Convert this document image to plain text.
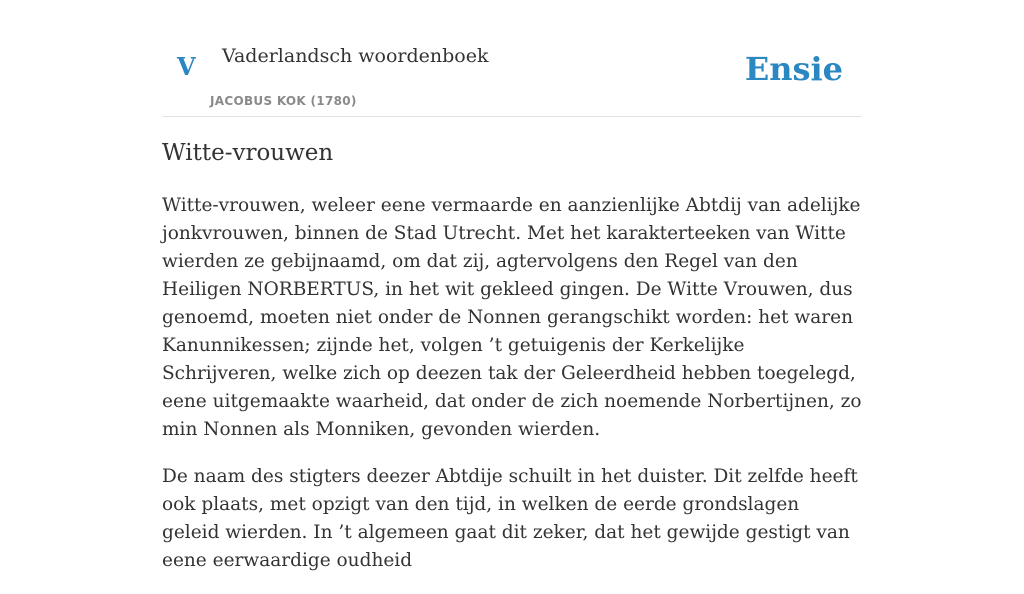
V Vaderlandsch woordenboek
JACOBUS KOK (1780)
Ensie
Witte-vrouwen

Witte-vrouwen, weleer eene vermaarde en aanzienlijke Abtdij van adelijke jonkvrouwen, binnen de Stad Utrecht. Met het karakterteeken van Witte wierden ze gebijnaamd, om dat zij, agtervolgens den Regel van den Heiligen NORBERTUS, in het wit gekleed gingen. De Witte Vrouwen, dus genoemd, moeten niet onder de Nonnen gerangschikt worden: het waren Kanunnikessen; zijnde het, volgen ’t getuigenis der Kerkelijke Schrijveren, welke zich op deezen tak der Geleerdheid hebben toegelegd, eene uitgemaakte waarheid, dat onder de zich noemende Norbertijnen, zo min Nonnen als Monniken, gevonden wierden.

De naam des stigters deezer Abtdije schuilt in het duister. Dit zelfde heeft ook plaats, met opzigt van den tijd, in welken de eerde grondslagen geleid wierden. In ’t algemeen gaat dit zeker, dat het gewijde gestigt van eene eerwaardige oudheid
